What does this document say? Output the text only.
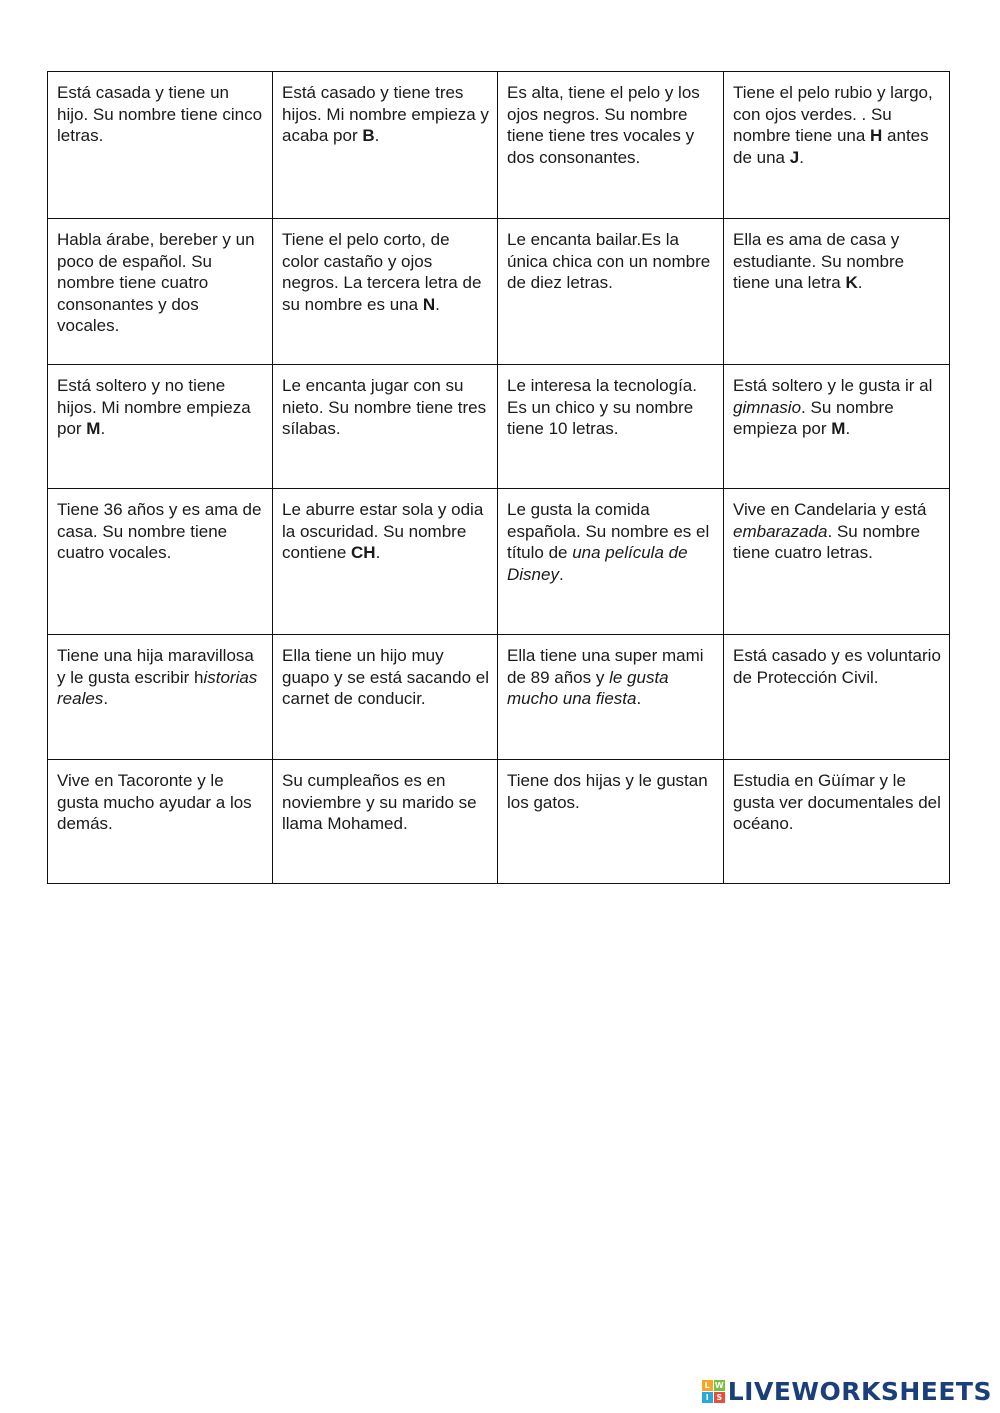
Está casada y tiene un hijo. Su nombre tiene cinco letras.	Está casado y tiene tres hijos. Mi nombre empieza y acaba por B.	Es alta, tiene el pelo y los ojos negros. Su nombre tiene tiene tres vocales y dos consonantes.	Tiene el pelo rubio y largo, con ojos verdes. . Su nombre tiene una H antes de una J.
Habla árabe, bereber y un poco de español. Su nombre tiene cuatro consonantes y dos vocales.	Tiene el pelo corto, de color castaño y ojos negros. La tercera letra de su nombre es una N.	Le encanta bailar.Es la única chica con un nombre de diez letras.	Ella es ama de casa y estudiante. Su nombre tiene una letra K.
Está soltero y no tiene hijos. Mi nombre empieza por M.	Le encanta jugar con su nieto. Su nombre tiene tres sílabas.	Le interesa la tecnología. Es un chico y su nombre tiene 10 letras.	Está soltero y le gusta ir al gimnasio. Su nombre empieza por M.
Tiene 36 años y es ama de casa. Su nombre tiene cuatro vocales.	Le aburre estar sola y odia la oscuridad. Su nombre contiene CH.	Le gusta la comida española. Su nombre es el título de una película de Disney.	Vive en Candelaria y está embarazada. Su nombre tiene cuatro letras.
Tiene una hija maravillosa y le gusta escribir historias reales.	Ella tiene un hijo muy guapo y se está sacando el carnet de conducir.	Ella tiene una super mami de 89 años y le gusta mucho una fiesta.	Está casado y es voluntario de Protección Civil.
Vive en Tacoronte y le gusta mucho ayudar a los demás.	Su cumpleaños es en noviembre y su marido se llama Mohamed.	Tiene dos hijas y le gustan los gatos.	Estudia en Güímar y le gusta ver documentales del océano.
L W
I S LIVEWORKSHEETS
